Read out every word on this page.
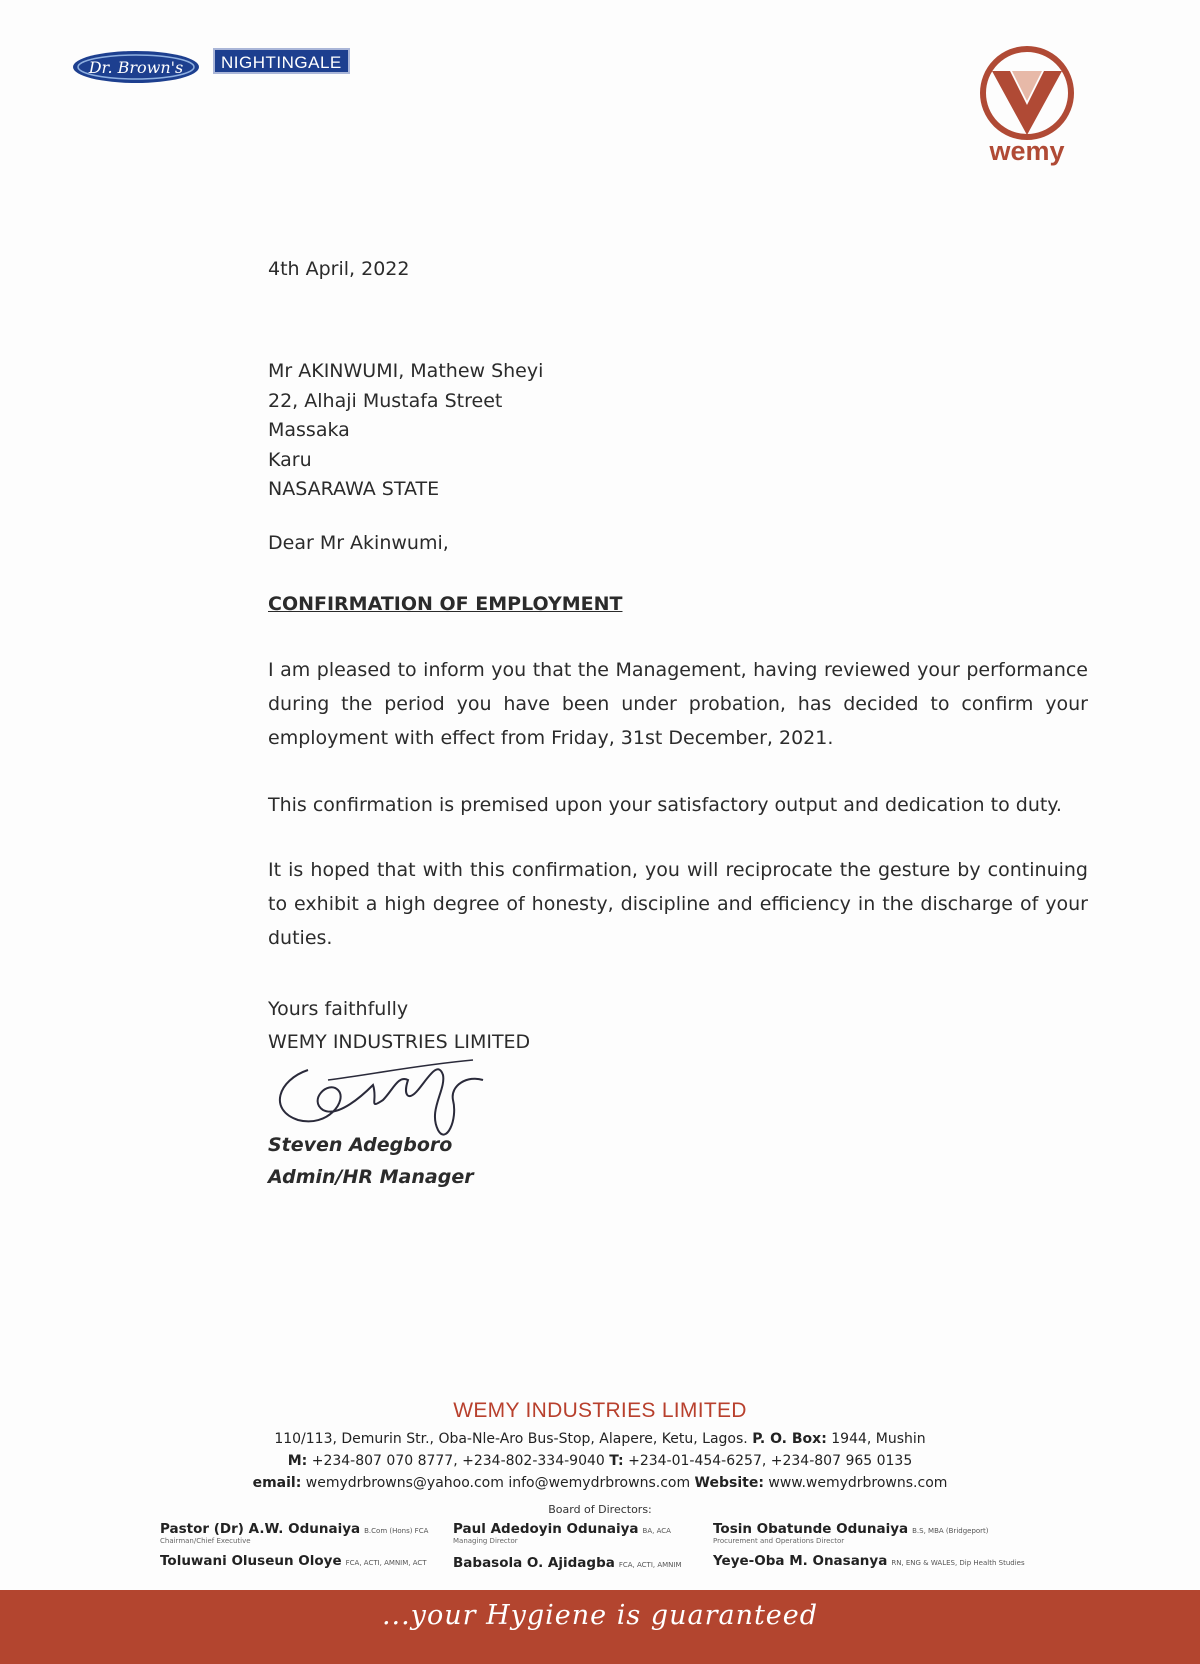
Dr. Brown's	NIGHTINGALE
wemy
4th April, 2022
Mr AKINWUMI, Mathew Sheyi
22, Alhaji Mustafa Street
Massaka
Karu
NASARAWA STATE
Dear Mr Akinwumi,
CONFIRMATION OF EMPLOYMENT
I am pleased to inform you that the Management, having reviewed your performance during the period you have been under probation, has decided to confirm your employment with effect from Friday, 31st December, 2021.
This confirmation is premised upon your satisfactory output and dedication to duty.
It is hoped that with this confirmation, you will reciprocate the gesture by continuing to exhibit a high degree of honesty, discipline and efficiency in the discharge of your duties.
Yours faithfully
WEMY INDUSTRIES LIMITED
Steven Adegboro
Admin/HR Manager
WEMY INDUSTRIES LIMITED
110/113, Demurin Str., Oba-Nle-Aro Bus-Stop, Alapere, Ketu, Lagos. P. O. Box: 1944, Mushin
M: +234-807 070 8777, +234-802-334-9040 T: +234-01-454-6257, +234-807 965 0135
email: wemydrbrowns@yahoo.com info@wemydrbrowns.com Website: www.wemydrbrowns.com
Board of Directors:
Pastor (Dr) A.W. Odunaiya B.Com (Hons) FCA
Chairman/Chief Executive
Paul Adedoyin Odunaiya BA, ACA
Managing Director
Tosin Obatunde Odunaiya B.S, MBA (Bridgeport)
Procurement and Operations Director
Toluwani Oluseun Oloye FCA, ACTI, AMNIM, ACT Babasola O. Ajidagba FCA, ACTI, AMNIM Yeye-Oba M. Onasanya RN, ENG & WALES, Dip Health Studies
...your Hygiene is guaranteed
